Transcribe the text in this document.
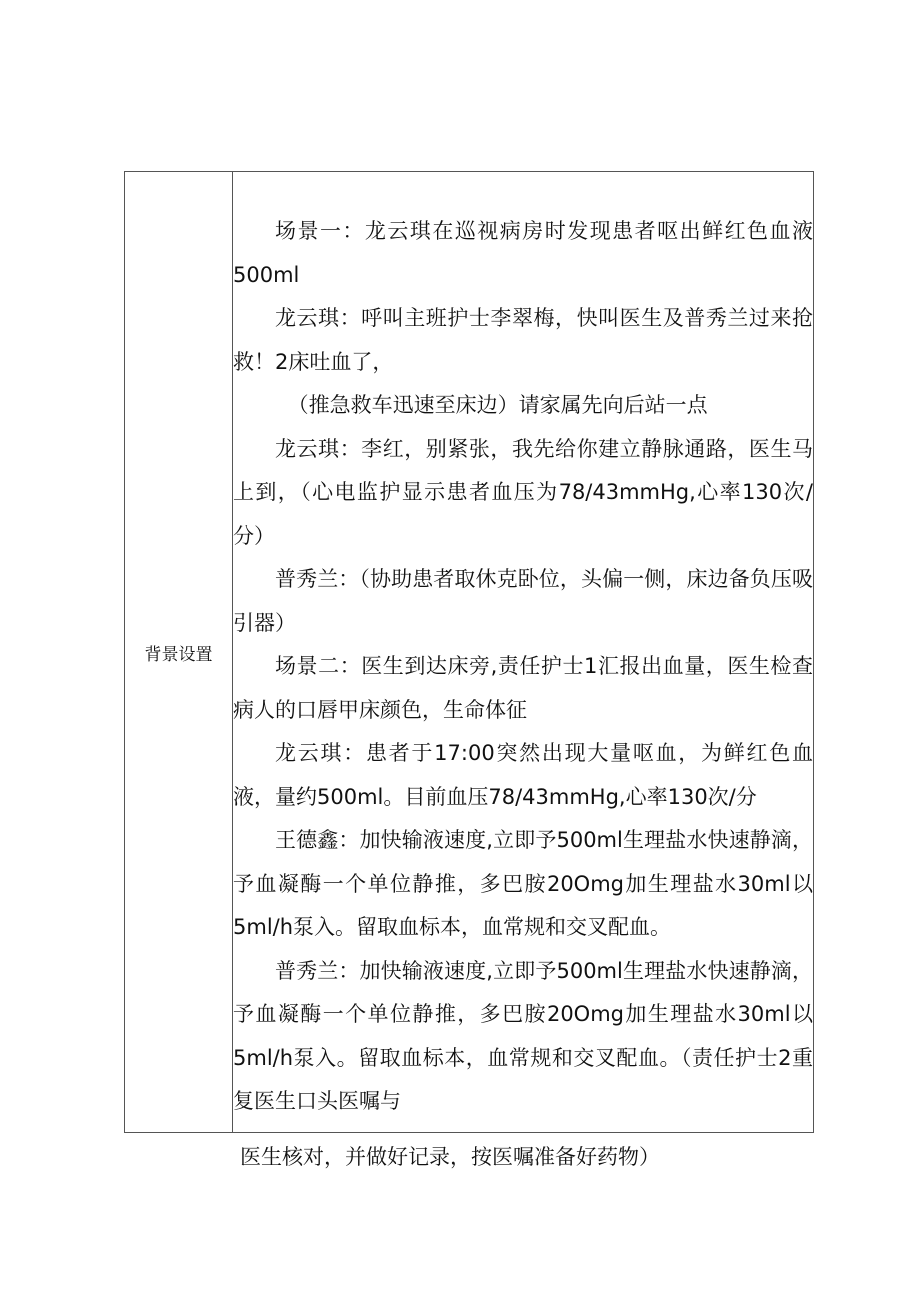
背景设置

场景一：龙云琪在巡视病房时发现患者呕出鲜红色血液500ml

龙云琪：呼叫主班护士李翠梅，快叫医生及普秀兰过来抢救！2床吐血了，

（推急救车迅速至床边）请家属先向后站一点

龙云琪：李红，别紧张，我先给你建立静脉通路，医生马上到，（心电监护显示患者血压为78/43mmHg,心率130次/分）

普秀兰：（协助患者取休克卧位，头偏一侧，床边备负压吸引器）

场景二：医生到达床旁,责任护士1汇报出血量，医生检查病人的口唇甲床颜色，生命体征

龙云琪：患者于17:00突然出现大量呕血，为鲜红色血液，量约500ml。目前血压78/43mmHg,心率130次/分

王德鑫：加快输液速度,立即予500ml生理盐水快速静滴，予血凝酶一个单位静推，多巴胺20Omg加生理盐水30ml以5ml/h泵入。留取血标本，血常规和交叉配血。

普秀兰：加快输液速度,立即予500ml生理盐水快速静滴，予血凝酶一个单位静推，多巴胺20Omg加生理盐水30ml以5ml/h泵入。留取血标本，血常规和交叉配血。（责任护士2重复医生口头医嘱与

医生核对，并做好记录，按医嘱准备好药物）
